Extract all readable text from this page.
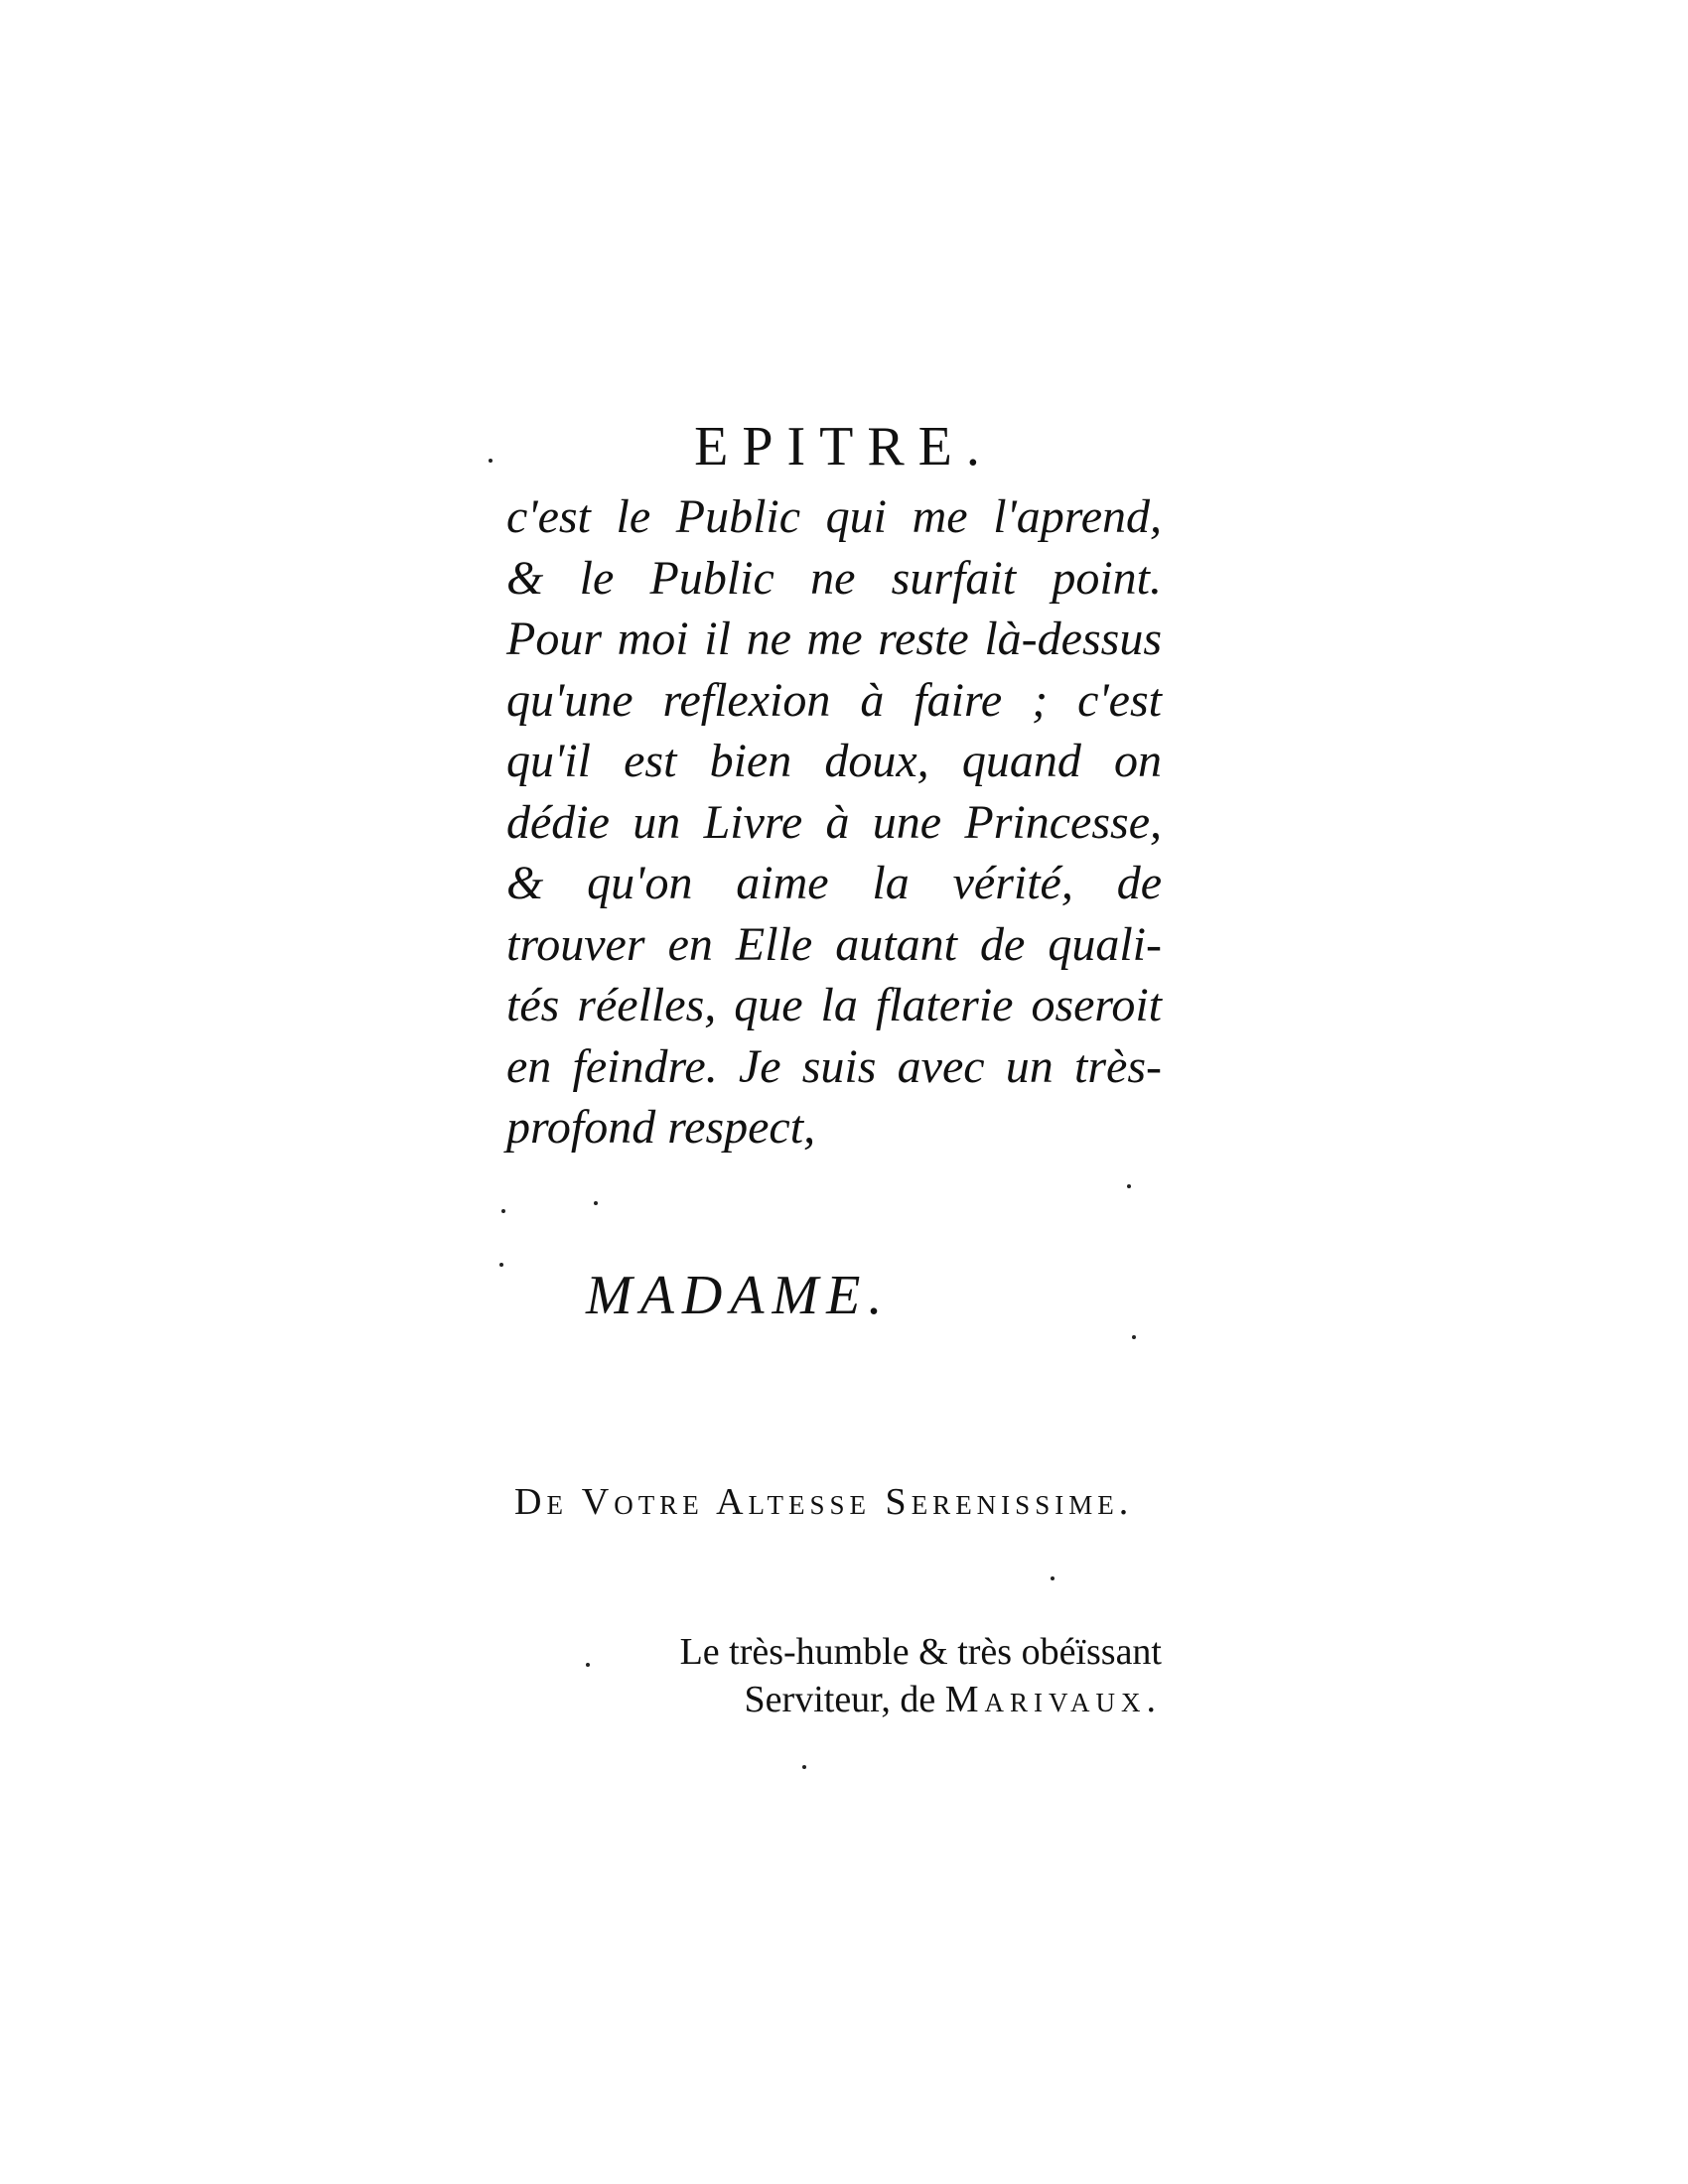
EPITRE.
c'est le Public qui me l'aprend,
& le Public ne surfait point.
Pour moi il ne me reste là-dessus
qu'une reflexion à faire ; c'est
qu'il est bien doux, quand on
dédie un Livre à une Princesse,
& qu'on aime la vérité, de
trouver en Elle autant de quali-
tés réelles, que la flaterie oseroit
en feindre. Je suis avec un très-
profond respect,
MADAME.
De Votre Altesse Serenissime.
Le très-humble & très obéïssant
Serviteur, de Marivaux.
